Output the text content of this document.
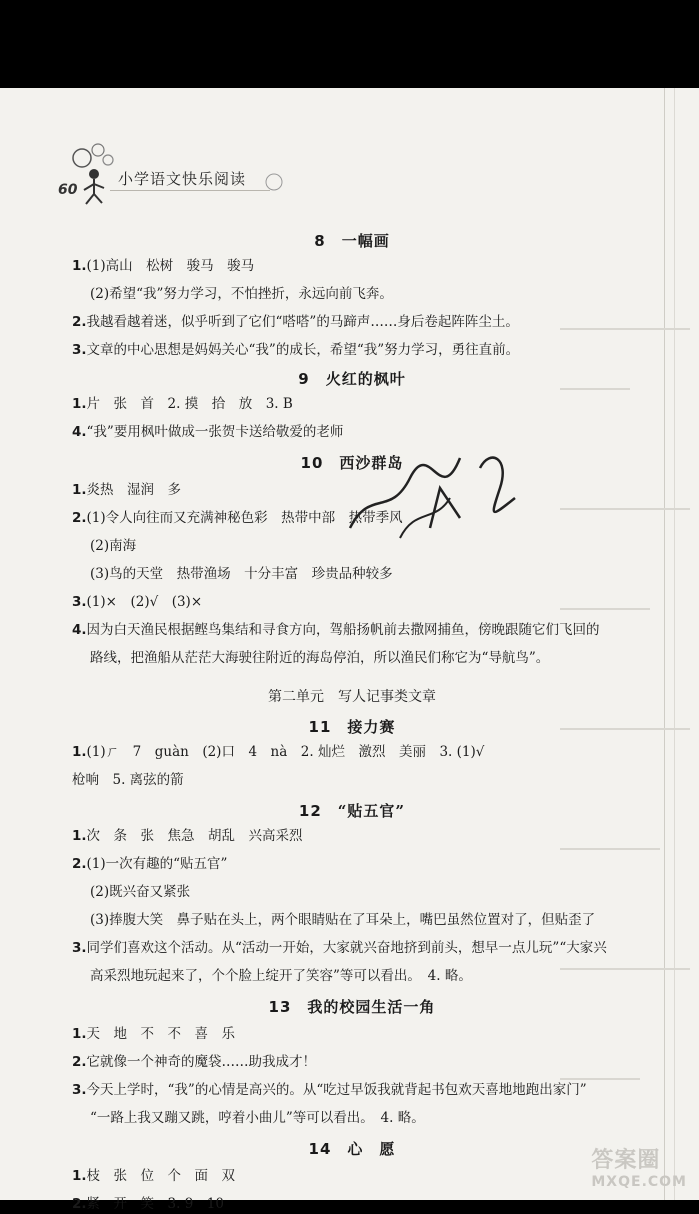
60
小学语文快乐阅读
8 一幅画
1.(1)高山　松树　骏马　骏马
(2)希望“我”努力学习，不怕挫折，永远向前飞奔。
2.我越看越着迷，似乎听到了它们“嗒嗒”的马蹄声……身后卷起阵阵尘土。
3.文章的中心思想是妈妈关心“我”的成长，希望“我”努力学习，勇往直前。
9 火红的枫叶
1.片　张　首　2. 摸　拾　放　3. B
4.“我”要用枫叶做成一张贺卡送给敬爱的老师
10 西沙群岛
1.炎热　湿润　多
2.(1)令人向往而又充满神秘色彩　热带中部　热带季风
(2)南海
(3)鸟的天堂　热带渔场　十分丰富　珍贵品种较多
3.(1)×　(2)√　(3)×
4.因为白天渔民根据鲣鸟集结和寻食方向，驾船扬帆前去撒网捕鱼，傍晚跟随它们飞回的
路线，把渔船从茫茫大海驶往附近的海岛停泊，所以渔民们称它为“导航鸟”。
第二单元　写人记事类文章
11 接力赛
1.(1)ㄏ　7　guàn　(2)口　4　nà　2. 灿烂　激烈　美丽　3. (1)√
枪响　5. 离弦的箭
12 “贴五官”
1.次　条　张　焦急　胡乱　兴高采烈
2.(1)一次有趣的“贴五官”
(2)既兴奋又紧张
(3)捧腹大笑　鼻子贴在头上，两个眼睛贴在了耳朵上，嘴巴虽然位置对了，但贴歪了
3.同学们喜欢这个活动。从“活动一开始，大家就兴奋地挤到前头，想早一点儿玩”“大家兴
高采烈地玩起来了，个个脸上绽开了笑容”等可以看出。　4. 略。
13 我的校园生活一角
1.天　地　不　不　喜　乐
2.它就像一个神奇的魔袋……助我成才！
3.今天上学时，“我”的心情是高兴的。从“吃过早饭我就背起书包欢天喜地地跑出家门”
“一路上我又蹦又跳，哼着小曲儿”等可以看出。　4. 略。
14 心　愿
1.枝　张　位　个　面　双
2.紧　开　笑　3. 9　10
答案圈
MXQE.COM
